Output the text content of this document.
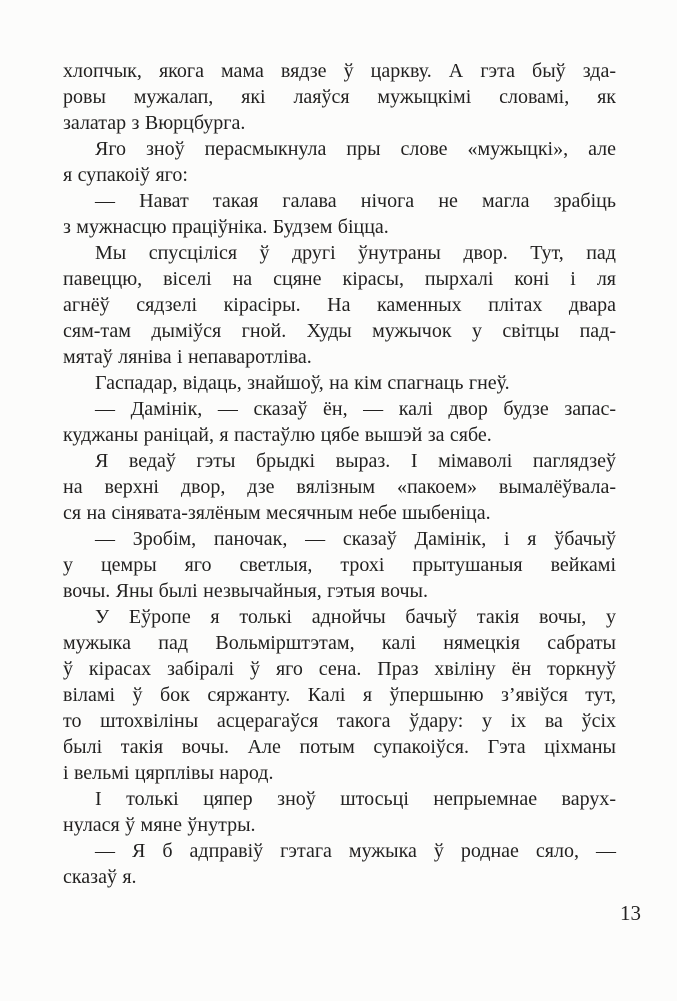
хлопчык, якога мама вядзе ў царкву. А гэта быў зда-
ровы мужалап, які лаяўся мужыцкімі словамі, як
залатар з Вюрцбурга.
Яго зноў перасмыкнула пры слове «мужыцкі», але
я супакоіў яго:
— Нават такая галава нічога не магла зрабіць
з мужнасцю праціўніка. Будзем біцца.
Мы спусціліся ў другі ўнутраны двор. Тут, пад
павеццю, віселі на сцяне кірасы, пырхалі коні і ля
агнёў сядзелі кірасіры. На каменных плітах двара
сям-там дыміўся гной. Худы мужычок у світцы пад-
мятаў ляніва і непаваротліва.
Гаспадар, відаць, знайшоў, на кім спагнаць гнеў.
— Дамінік, — сказаў ён, — калі двор будзе запас-
куджаны раніцай, я пастаўлю цябе вышэй за сябе.
Я ведаў гэты брыдкі выраз. І мімаволі паглядзеў
на верхні двор, дзе вялізным «пакоем» вымалёўвала-
ся на сінявата-зялёным месячным небе шыбеніца.
— Зробім, паночак, — сказаў Дамінік, і я ўбачыў
у цемры яго светлыя, трохі прытушаныя вейкамі
вочы. Яны былі незвычайныя, гэтыя вочы.
У Еўропе я толькі аднойчы бачыў такія вочы, у
мужыка пад Вольмірштэтам, калі нямецкія сабраты
ў кірасах забіралі ў яго сена. Праз хвіліну ён торкнуў
віламі ў бок сяржанту. Калі я ўпершыню з’явіўся тут,
то штохвіліны асцерагаўся такога ўдару: у іх ва ўсіх
былі такія вочы. Але потым супакоіўся. Гэта ціхманы
і вельмі цярплівы народ.
І толькі цяпер зноў штосьці непрыемнае варух-
нулася ў мяне ўнутры.
— Я б адправіў гэтага мужыка ў роднае сяло, —
сказаў я.
13
